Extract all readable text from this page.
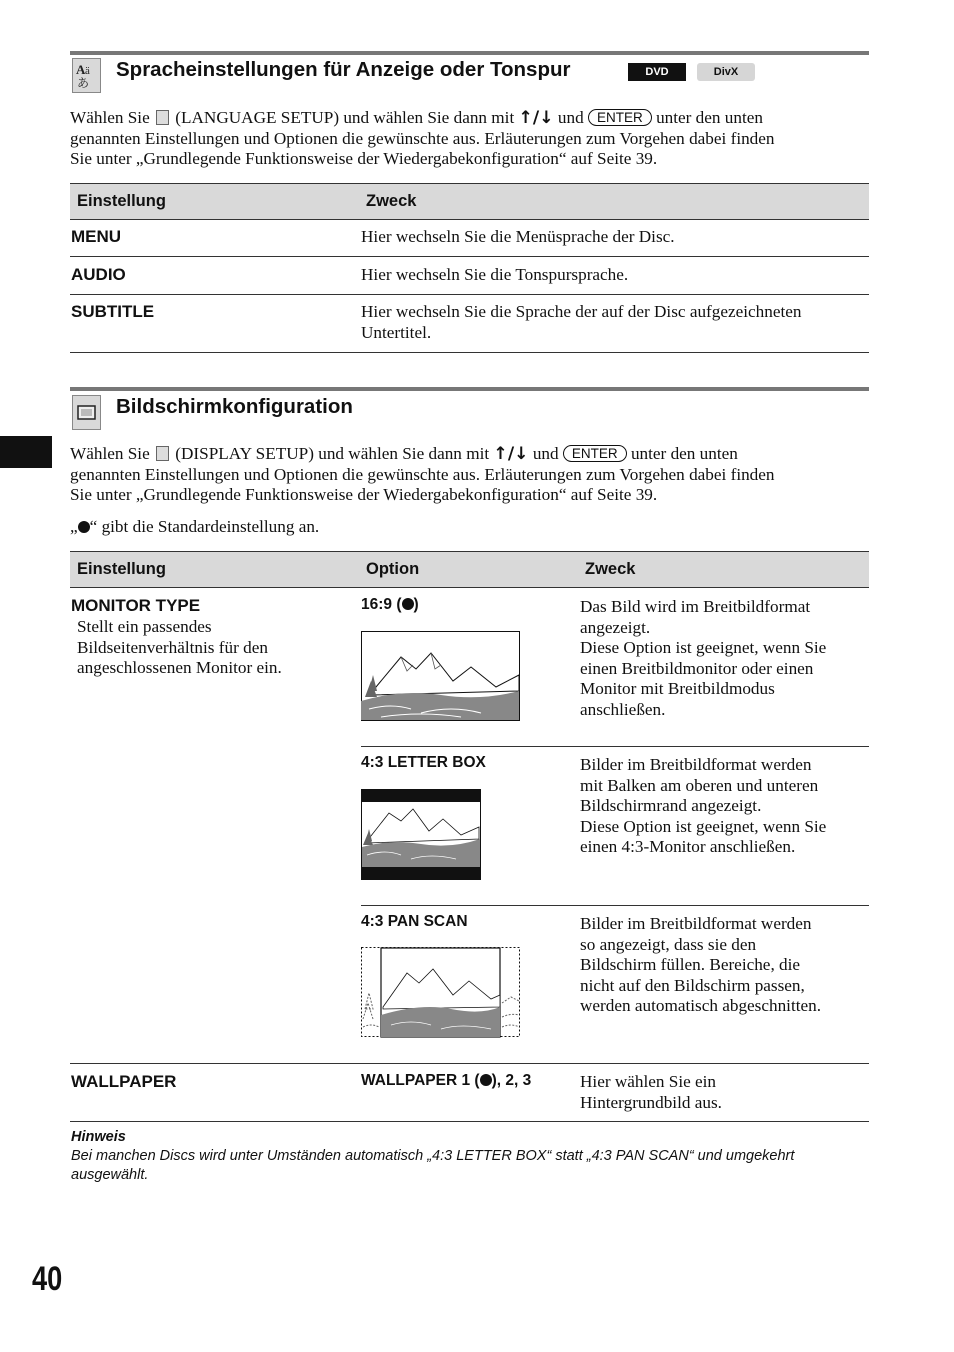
A ä
あ
Spracheinstellungen für Anzeige oder Tonspur	DVD	DivX
Wählen Sie (LANGUAGE SETUP) und wählen Sie dann mit ↑/↓ und ENTER unter den unten
genannten Einstellungen und Optionen die gewünschte aus. Erläuterungen zum Vorgehen dabei finden
Sie unter „Grundlegende Funktionsweise der Wiedergabekonfiguration“ auf Seite 39.
Einstellung	Zweck
MENU	Hier wechseln Sie die Menüsprache der Disc.
AUDIO	Hier wechseln Sie die Tonspursprache.
SUBTITLE	Hier wechseln Sie die Sprache der auf der Disc aufgezeichneten
Untertitel.
Bildschirmkonfiguration
Wählen Sie (DISPLAY SETUP) und wählen Sie dann mit ↑/↓ und ENTER unter den unten
genannten Einstellungen und Optionen die gewünschte aus. Erläuterungen zum Vorgehen dabei finden
Sie unter „Grundlegende Funktionsweise der Wiedergabekonfiguration“ auf Seite 39.
„ “ gibt die Standardeinstellung an.
Einstellung	Option	Zweck
MONITOR TYPE
Stellt ein passendes
Bildseitenverhältnis für den
angeschlossenen Monitor ein.
16:9 ( )	Das Bild wird im Breitbildformat
angezeigt.
Diese Option ist geeignet, wenn Sie
einen Breitbildmonitor oder einen
Monitor mit Breitbildmodus
anschließen.
4:3 LETTER BOX	Bilder im Breitbildformat werden
mit Balken am oberen und unteren
Bildschirmrand angezeigt.
Diese Option ist geeignet, wenn Sie
einen 4:3-Monitor anschließen.
4:3 PAN SCAN	Bilder im Breitbildformat werden
so angezeigt, dass sie den
Bildschirm füllen. Bereiche, die
nicht auf den Bildschirm passen,
werden automatisch abgeschnitten.
WALLPAPER	WALLPAPER 1 ( ), 2, 3	Hier wählen Sie ein
Hintergrundbild aus.
Hinweis
Bei manchen Discs wird unter Umständen automatisch „4:3 LETTER BOX“ statt „4:3 PAN SCAN“ und umgekehrt ausgewählt.
40
